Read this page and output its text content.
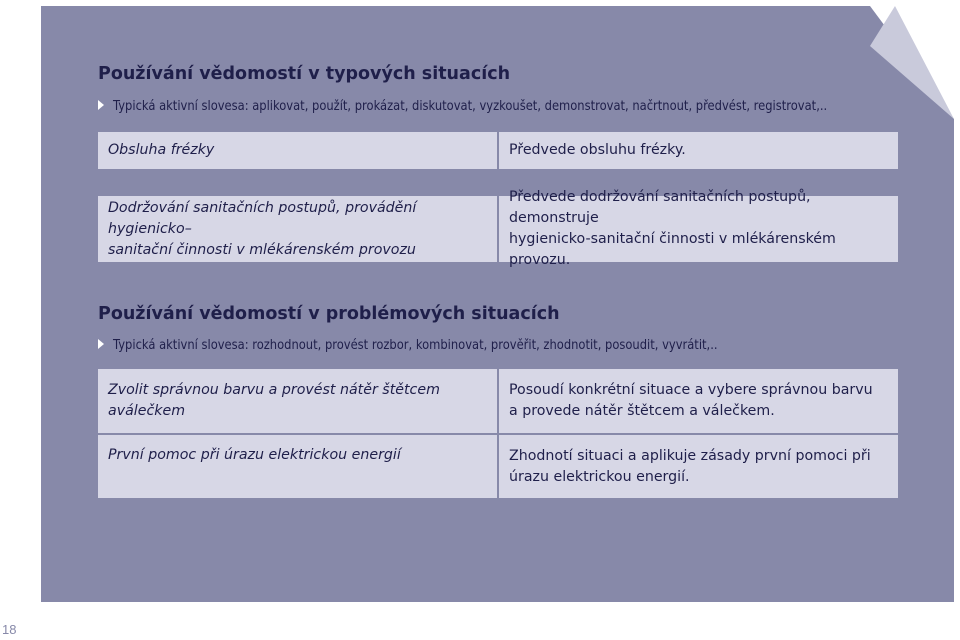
Používání vědomostí v typových situacích
Typická aktivní slovesa: aplikovat, použít, prokázat, diskutovat, vyzkoušet, demonstrovat, načrtnout, předvést, registrovat,..
Obsluha frézky	Předvede obsluhu frézky.
Dodržování sanitačních postupů, provádění hygienicko–
sanitační činnosti v mlékárenském provozu
Předvede dodržování sanitačních postupů, demonstruje
hygienicko-sanitační činnosti v mlékárenském provozu.
Používání vědomostí v problémových situacích
Typická aktivní slovesa: rozhodnout, provést rozbor, kombinovat, prověřit, zhodnotit, posoudit, vyvrátit,..
Zvolit správnou barvu a provést nátěr štětcem
aválečkem
Posoudí konkrétní situace a vybere správnou barvu
a provede nátěr štětcem a válečkem.
První pomoc při úrazu elektrickou energií	Zhodnotí situaci a aplikuje zásady první pomoci při
úrazu elektrickou energií.
18
